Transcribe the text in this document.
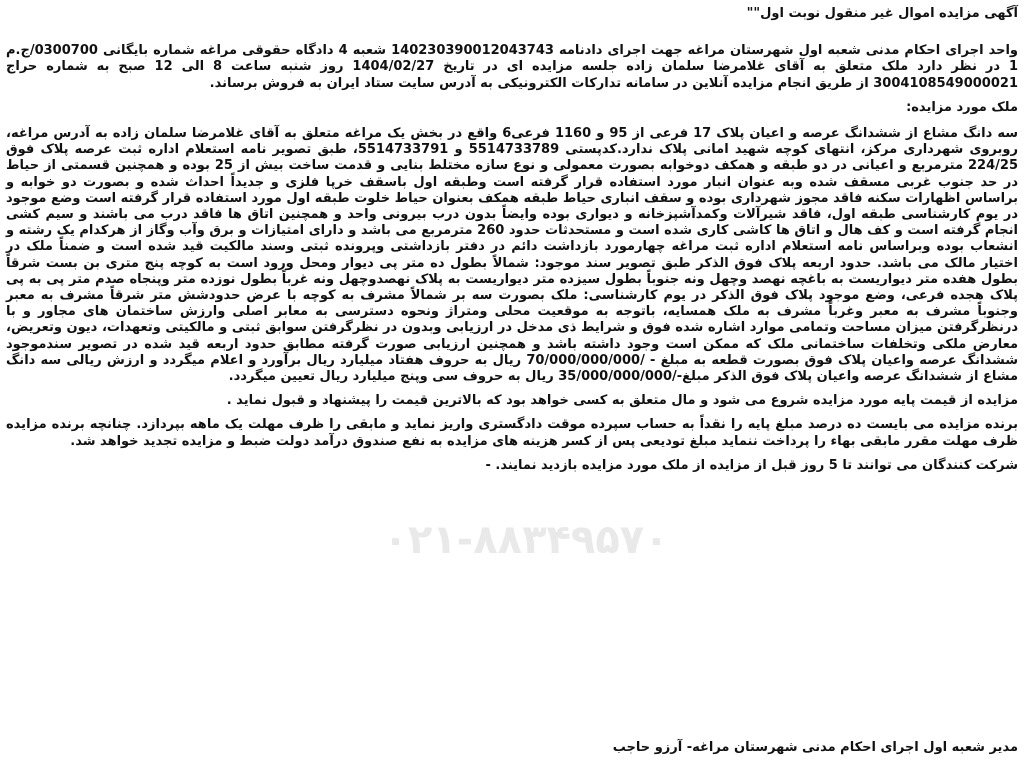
آگهی مزایده اموال غیر منقول نوبت اول""

واحد اجرای احکام مدنی شعبه اول شهرستان مراغه جهت اجرای دادنامه 140230390012043743 شعبه 4 دادگاه حقوقی مراغه شماره بایگانی 0300700/ج.م 1 در نظر دارد ملک متعلق به آقای غلامرضا سلمان زاده جلسه مزایده ای در تاریخ 1404/02/27 روز شنبه ساعت 8 الی 12 صبح به شماره حراج 3004108549000021 از طریق انجام مزایده آنلاین در سامانه تدارکات الکترونیکی به آدرس سایت ستاد ایران به فروش برساند.

ملک مورد مزایده:

سه دانگ مشاع از ششدانگ عرصه و اعیان پلاک 17 فرعی از 95 و 1160 فرعی6 واقع در بخش یک مراغه متعلق به آقای غلامرضا سلمان زاده به آدرس مراغه، روبروی شهرداری مرکز، انتهای کوچه شهید امانی پلاک ندارد.کدپستی 5514733789 و 5514733791، طبق تصویر نامه استعلام اداره ثبت عرصه پلاک فوق 224/25 مترمربع و اعیانی در دو طبقه و همکف دوخوابه بصورت معمولی و نوع سازه مختلط بنایی و قدمت ساخت بیش از 25 بوده و همچنین قسمتی از حیاط در حد جنوب غربی مسقف شده وبه عنوان انبار مورد استفاده قرار گرفته است وطبقه اول باسقف خرپا فلزی و جدیداً احداث شده و بصورت دو خوابه و براساس اظهارات سکنه فاقد مجوز شهرداری بوده و سقف انباری حیاط طبقه همکف بعنوان حیاط خلوت طبقه اول مورد استفاده قرار گرفته است وضع موجود در یوم کارشناسی طبقه اول، فاقد شیرآلات وکمدآشپزخانه و دیواری بوده وایضاً بدون درب بیرونی واحد و همچنین اتاق ها فاقد درب می باشند و سیم کشی انجام گرفته است و کف هال و اتاق ها کاشی کاری شده است و مستحدثات حدود 260 مترمربع می باشد و دارای امتیازات و برق وآب وگاز از هرکدام یک رشته و انشعاب بوده وبراساس نامه استعلام اداره ثبت مراغه چهارمورد بازداشت دائم در دفتر بازداشتی وپرونده ثبتی وسند مالکیت قید شده است و ضمناً ملک در اختیار مالک می باشد. حدود اربعه پلاک فوق الذکر طبق تصویر سند موجود: شمالاً بطول ده متر پی دیوار ومحل ورود است به کوچه پنج متری بن بست شرقاً بطول هفده متر دیواریست به باغچه نهصد وچهل ونه جنوباً بطول سیزده متر دیواریست به پلاک نهصدوچهل ونه غرباً بطول نوزده متر وپنجاه صدم متر پی به پی پلاک هجده فرعی، وضع موجود پلاک فوق الذکر در یوم کارشناسی: ملک بصورت سه بر شمالاً مشرف به کوچه با عرض حدودشش متر شرقاً مشرف به معبر وجنوباً مشرف به معبر وغرباً مشرف به ملک همسایه، باتوجه به موقعیت محلی ومتراژ ونحوه دسترسی به معابر اصلی وارزش ساختمان های مجاور و با درنظرگرفتن میزان مساحت وتمامی موارد اشاره شده فوق و شرایط ذی مدخل در ارزیابی وبدون در نظرگرفتن سوابق ثبتی و مالکیتی وتعهدات، دیون وتعریض، معارض ملکی وتخلفات ساختمانی ملک که ممکن است وجود داشته باشد و همچنین ارزیابی صورت گرفته مطابق حدود اربعه قید شده در تصویر سندموجود ششدانگ عرصه واعیان پلاک فوق بصورت قطعه به مبلغ - /70/000/000/000 ریال به حروف هفتاد میلیارد ریال برآورد و اعلام میگردد و ارزش ریالی سه دانگ مشاع از ششدانگ عرصه واعیان پلاک فوق الذکر مبلغ-/35/000/000/000 ریال به حروف سی وپنج میلیارد ریال تعیین میگردد.

مزایده از قیمت پایه مورد مزایده شروع می شود و مال متعلق به کسی خواهد بود که بالاترین قیمت را پیشنهاد و قبول نماید .

برنده مزایده می بایست ده درصد مبلغ پایه را نقداً به حساب سپرده موقت دادگستری واریز نماید و مابقی را ظرف مهلت یک ماهه بپردازد. چنانچه برنده مزایده ظرف مهلت مقرر مابقی بهاء را پرداخت ننماید مبلغ تودیعی پس از کسر هزینه های مزایده به نفع صندوق درآمد دولت ضبط و مزایده تجدید خواهد شد.

شرکت کنندگان می توانند تا 5 روز قبل از مزایده از ملک مورد مزایده بازدید نمایند. -

مدیر شعبه اول اجرای احکام مدنی شهرستان مراغه- آرزو حاجب
۰۲۱-۸۸۳۴۹۵۷۰
